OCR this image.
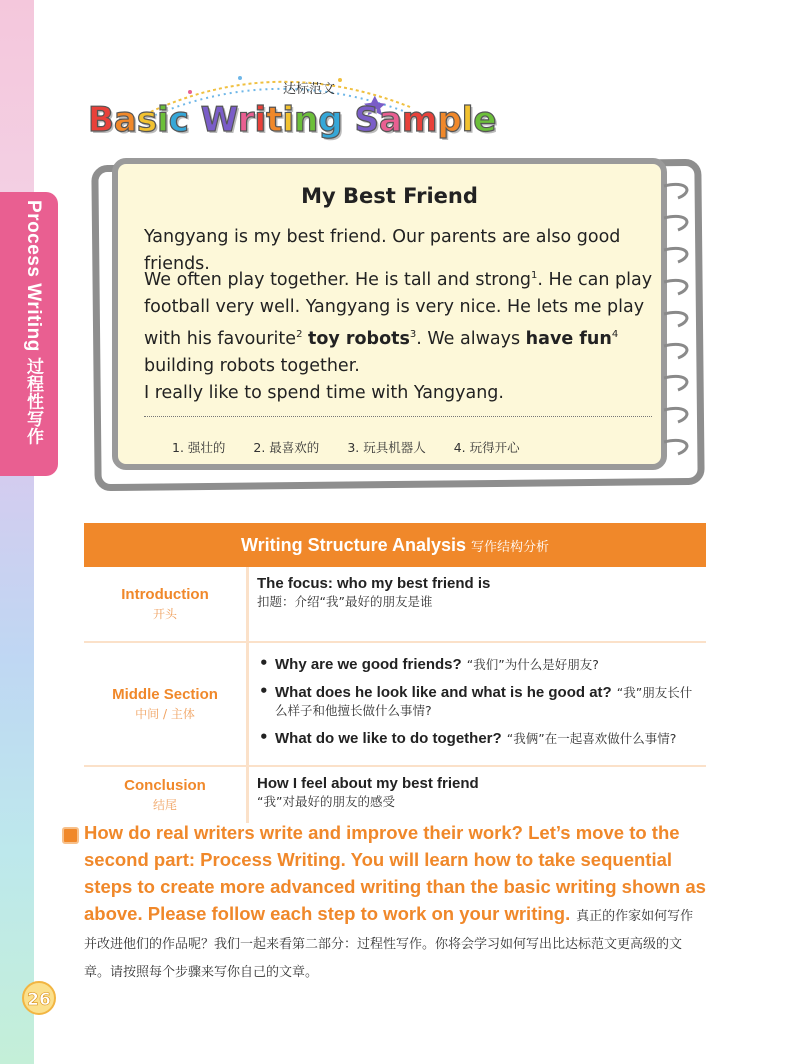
Process Writing 过程性写作
达标范文
Basic Writing Sample
My Best Friend
Yangyang is my best friend. Our parents are also good friends.
We often play together. He is tall and strong$^1$. He can play football very well. Yangyang is very nice. He lets me play with his favourite$^2$ toy robots$^3$. We always have fun$^4$ building robots together.
I really like to spend time with Yangyang.
1. 强壮的 2. 最喜欢的 3. 玩具机器人 4. 玩得开心
Writing Structure Analysis 写作结构分析
Introduction
开头
The focus: who my best friend is
扣题：介绍“我”最好的朋友是谁
Middle Section
中间 / 主体
• Why are we good friends? “我们”为什么是好朋友?
• What does he look like and what is he good at? “我”朋友长什么样子和他擅长做什么事情?
• What do we like to do together? “我俩”在一起喜欢做什么事情?
Conclusion
结尾
How I feel about my best friend
“我”对最好的朋友的感受
How do real writers write and improve their work? Let’s move to the second part: Process Writing. You will learn how to take sequential steps to create more advanced writing than the basic writing shown as above. Please follow each step to work on your writing. 真正的作家如何写作并改进他们的作品呢？我们一起来看第二部分：过程性写作。你将会学习如何写出比达标范文更高级的文章。请按照每个步骤来写你自己的文章。
26
